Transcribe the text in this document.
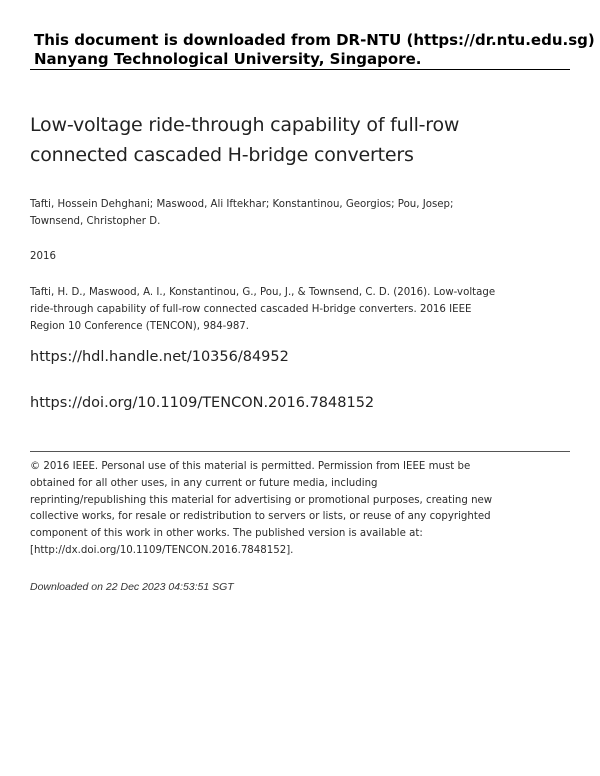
This document is downloaded from DR-NTU (https://dr.ntu.edu.sg)
Nanyang Technological University, Singapore.
Low-voltage ride-through capability of full-row
connected cascaded H-bridge converters
Tafti, Hossein Dehghani; Maswood, Ali Iftekhar; Konstantinou, Georgios; Pou, Josep;
Townsend, Christopher D.
2016
Tafti, H. D., Maswood, A. I., Konstantinou, G., Pou, J., & Townsend, C. D. (2016). Low-voltage
ride-through capability of full-row connected cascaded H-bridge converters. 2016 IEEE
Region 10 Conference (TENCON), 984-987.
https://hdl.handle.net/10356/84952
https://doi.org/10.1109/TENCON.2016.7848152
© 2016 IEEE. Personal use of this material is permitted. Permission from IEEE must be
obtained for all other uses, in any current or future media, including
reprinting/republishing this material for advertising or promotional purposes, creating new
collective works, for resale or redistribution to servers or lists, or reuse of any copyrighted
component of this work in other works. The published version is available at:
[http://dx.doi.org/10.1109/TENCON.2016.7848152].
Downloaded on 22 Dec 2023 04:53:51 SGT
